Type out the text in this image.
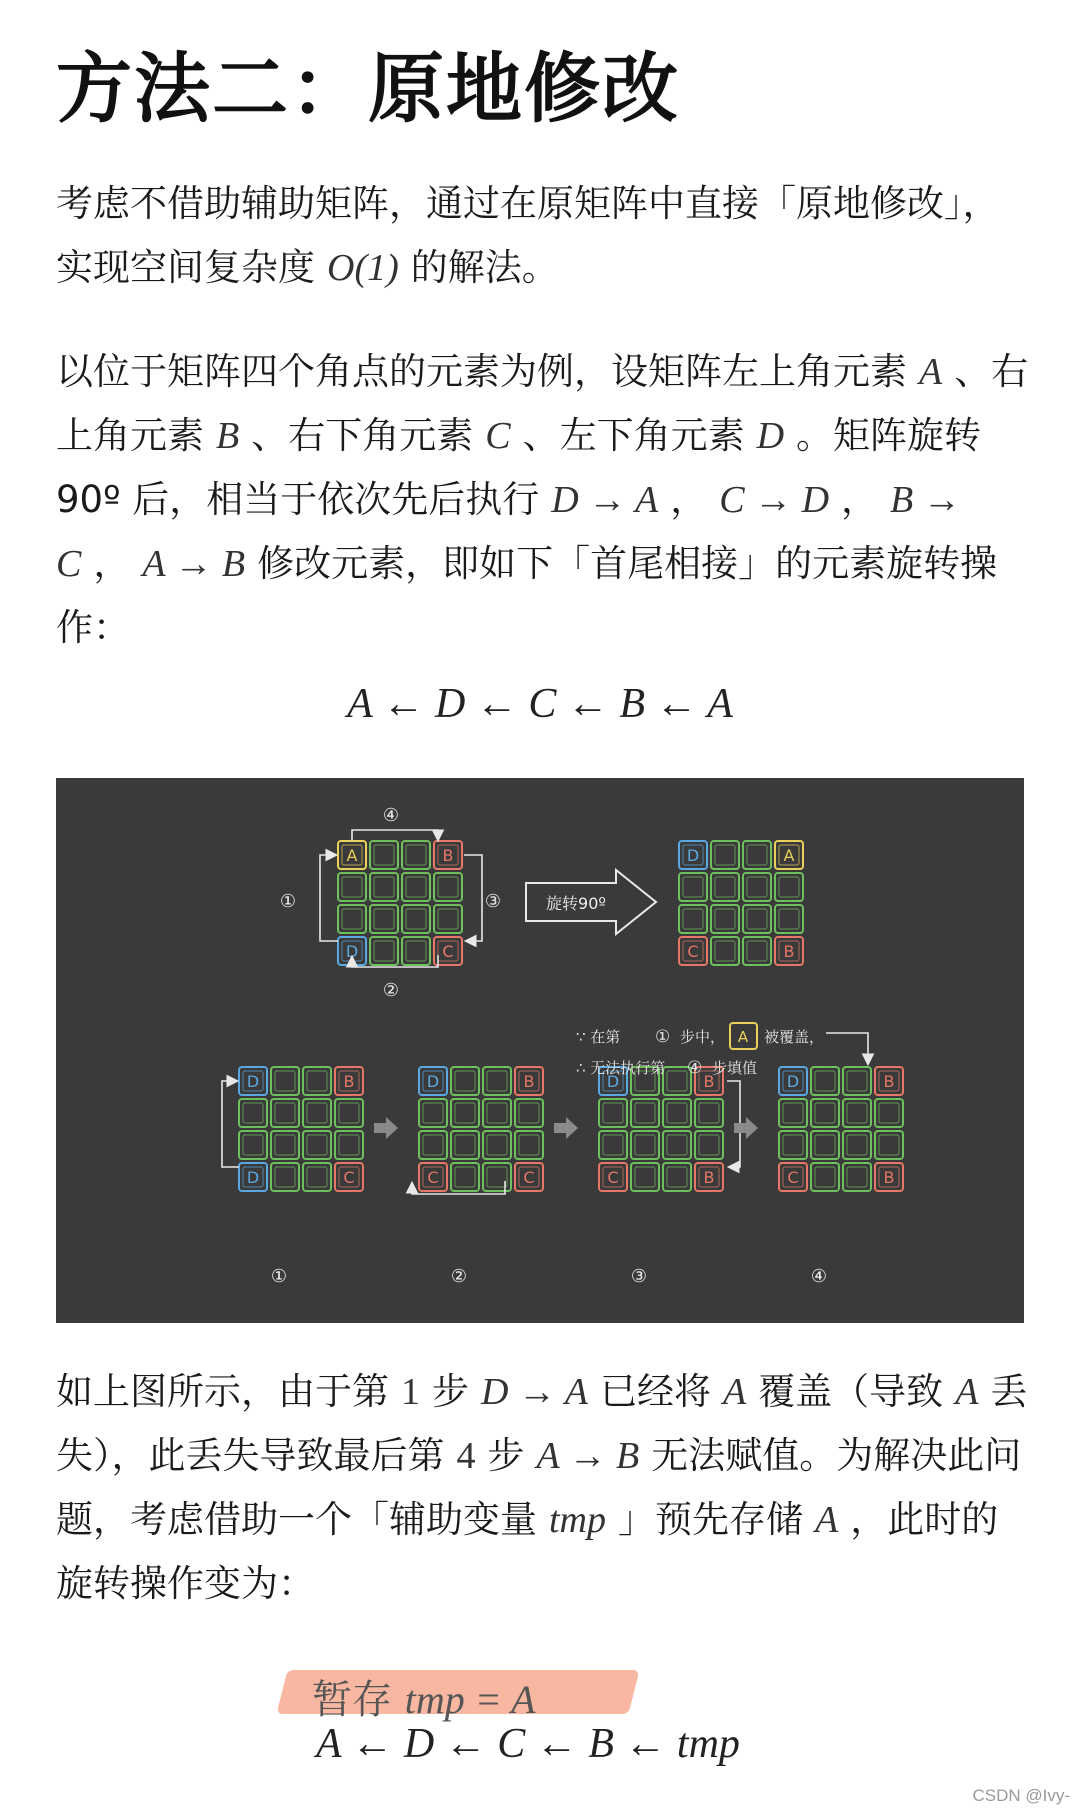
方法二：原地修改

考虑不借助辅助矩阵，通过在原矩阵中直接「原地修改」，实现空间复杂度 O(1) 的解法。

以位于矩阵四个角点的元素为例，设矩阵左上角元素 A 、右上角元素 B 、右下角元素 C 、左下角元素 D 。矩阵旋转 90º 后，相当于依次先后执行 D → A ， C → D ， B → C ， A → B 修改元素，即如下「首尾相接」的元素旋转操作：

A ← D ← C ← B ← A
A	B
D	C
D	A
C	B
D	B
D	C
D	B
C	C
D	B
C	B
D	B
C	B
④
①	③
②
旋转90º
∵ 在第 ① 步中， A 被覆盖，
∴ 无法执行第 ④ 步填值
①	②	③	④

如上图所示，由于第 1 步 D → A 已经将 A 覆盖（导致 A 丢失），此丢失导致最后第 4 步 A → B 无法赋值。为解决此问题，考虑借助一个「辅助变量 tmp 」预先存储 A ，此时的旋转操作变为：

暂存 tmp = A
A ← D ← C ← B ← tmp
CSDN @Ivy-
